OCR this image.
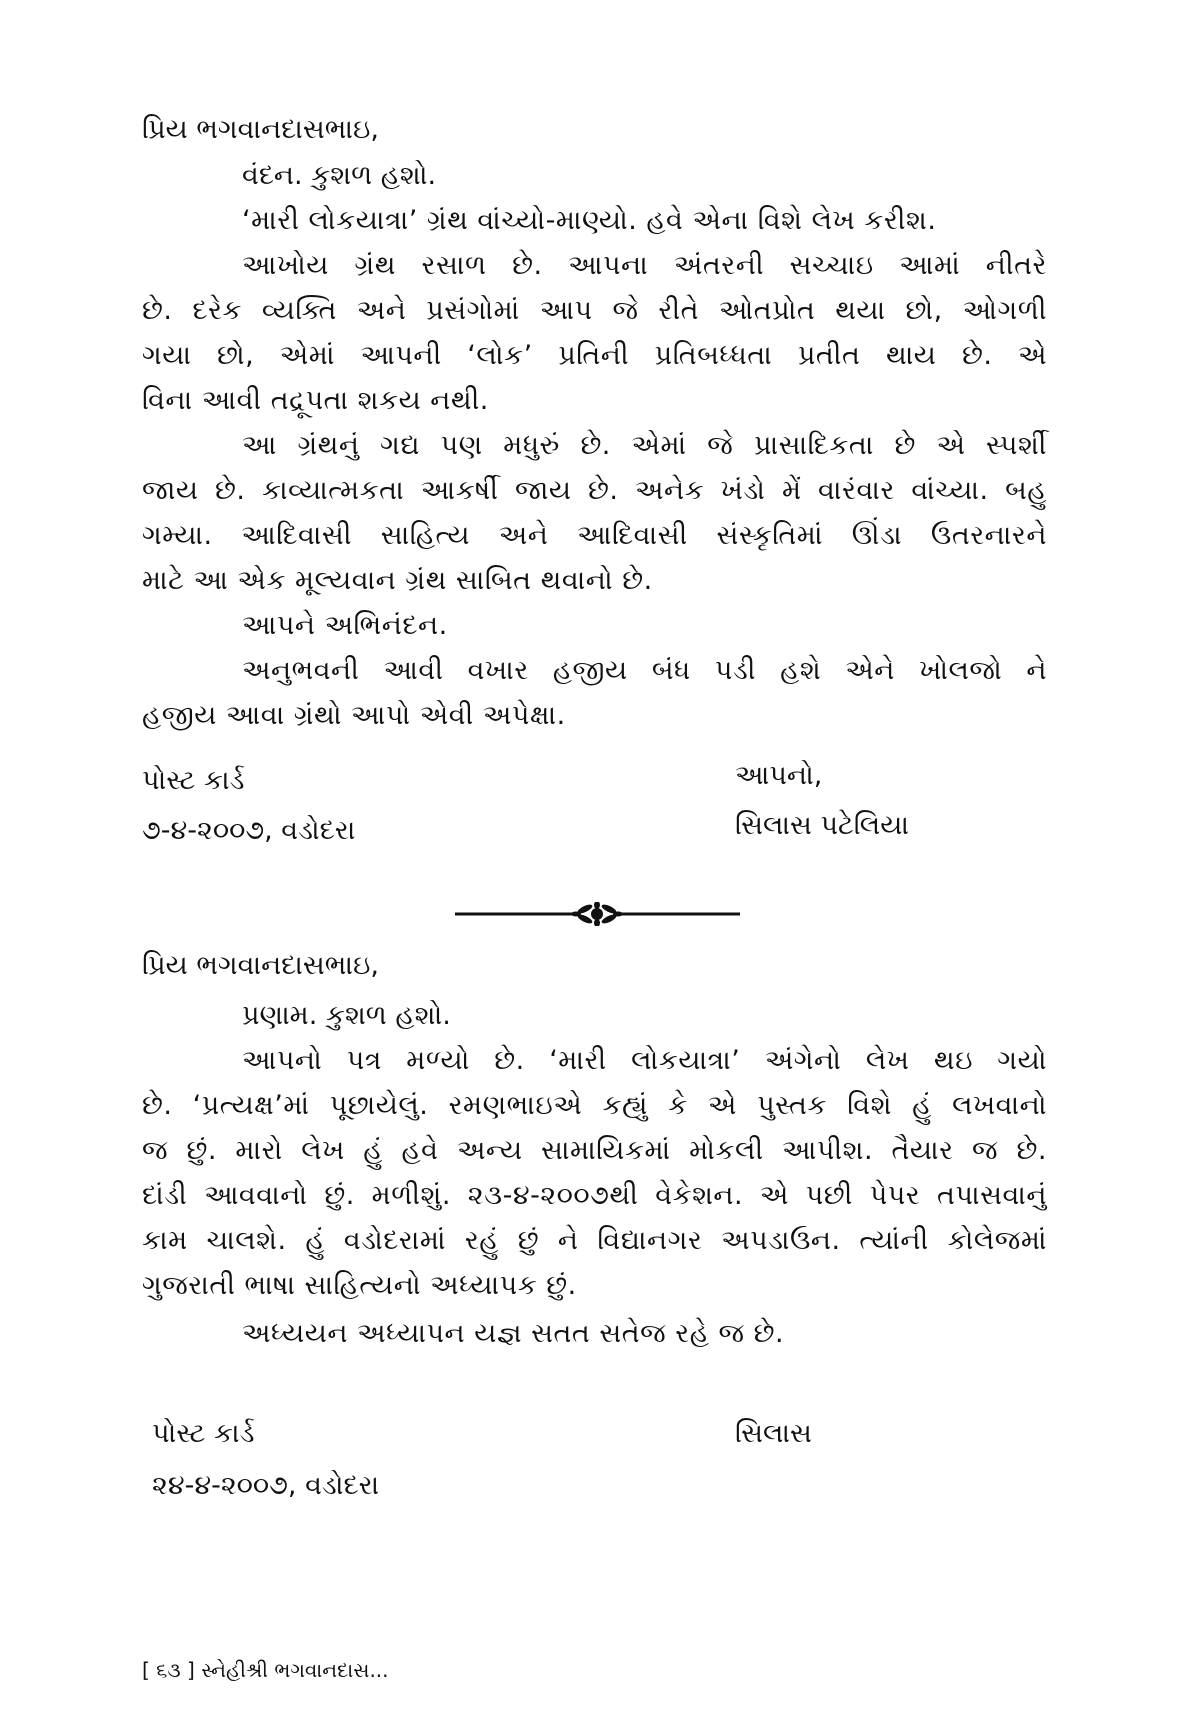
પ્રિય ભગવાનદાસભાઇ,
વંદન. કુશળ હશો.
‘મારી લોકયાત્રા’ ગ્રંથ વાંચ્યો-માણ્યો. હવે એના વિશે લેખ કરીશ.
આખોય ગ્રંથ રસાળ છે. આપના અંતરની સચ્ચાઇ આમાં નીતરે
છે. દરેક વ્યક્તિ અને પ્રસંગોમાં આપ જે રીતે ઓતપ્રોત થયા છો, ઓગળી
ગયા છો, એમાં આપની ‘લોક’ પ્રતિની પ્રતિબધ્ધતા પ્રતીત થાય છે. એ
વિના આવી તદ્રૂપતા શકય નથી.
આ ગ્રંથનું ગદ્ય પણ મધુરું છે. એમાં જે પ્રાસાદિકતા છે એ સ્પર્શી
જાય છે. કાવ્યાત્મકતા આકર્ષી જાય છે. અનેક ખંડો મેં વારંવાર વાંચ્યા. બહુ
ગમ્યા. આદિવાસી સાહિત્ય અને આદિવાસી સંસ્કૃતિમાં ઊંડા ઉતરનારને
માટે આ એક મૂલ્યવાન ગ્રંથ સાબિત થવાનો છે.
આપને અભિનંદન.
અનુભવની આવી વખાર હજીય બંધ પડી હશે એને ખોલજો ને
હજીય આવા ગ્રંથો આપો એવી અપેક્ષા.
પોસ્ટ કાર્ડ
૭-૪-૨૦૦૭, વડોદરા
આપનો,
સિલાસ પટેલિયા
પ્રિય ભગવાનદાસભાઇ,
પ્રણામ. કુશળ હશો.
આપનો પત્ર મળ્યો છે. ‘મારી લોકયાત્રા’ અંગેનો લેખ થઇ ગયો
છે. ‘પ્રત્યક્ષ’માં પૂછાયેલું. રમણભાઇએ કહ્યું કે એ પુસ્તક વિશે હું લખવાનો
જ છું. મારો લેખ હું હવે અન્ય સામાયિકમાં મોકલી આપીશ. તૈયાર જ છે.
દાંડી આવવાનો છું. મળીશું. ૨૩-૪-૨૦૦૭થી વેકેશન. એ પછી પેપર તપાસવાનું
કામ ચાલશે. હું વડોદરામાં રહું છું ને વિદ્યાનગર અપડાઉન. ત્યાંની કોલેજમાં
ગુજરાતી ભાષા સાહિત્યનો અધ્યાપક છું.
અધ્યયન અધ્યાપન યજ્ઞ સતત સતેજ રહે જ છે.
પોસ્ટ કાર્ડ
૨૪-૪-૨૦૦૭, વડોદરા
સિલાસ
[ ૬૩ ] સ્નેહીશ્રી ભગવાનદાસ...
